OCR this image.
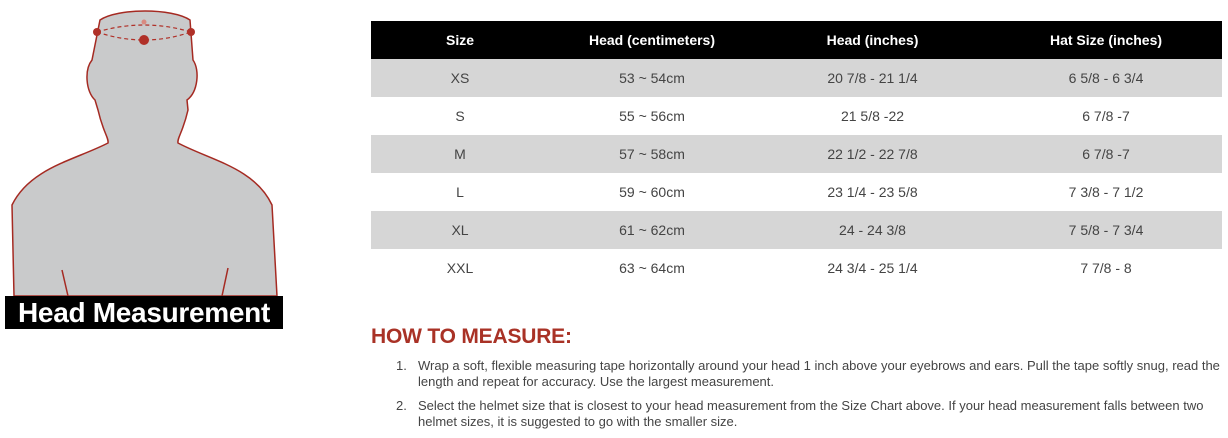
Head Measurement
Size	Head (centimeters)	Head (inches)	Hat Size (inches)
XS	53 ~ 54cm	20 7/8 - 21 1/4	6 5/8 - 6 3/4
S	55 ~ 56cm	21 5/8 -22	6 7/8 -7
M	57 ~ 58cm	22 1/2 - 22 7/8	6 7/8 -7
L	59 ~ 60cm	23 1/4 - 23 5/8	7 3/8 - 7 1/2
XL	61 ~ 62cm	24 - 24 3/8	7 5/8 - 7 3/4
XXL	63 ~ 64cm	24 3/4 - 25 1/4	7 7/8 - 8
HOW TO MEASURE:
1. Wrap a soft, flexible measuring tape horizontally around your head 1 inch above your eyebrows and ears. Pull the tape softly snug, read the length and repeat for accuracy. Use the largest measurement.
2. Select the helmet size that is closest to your head measurement from the Size Chart above. If your head measurement falls between two helmet sizes, it is suggested to go with the smaller size.
